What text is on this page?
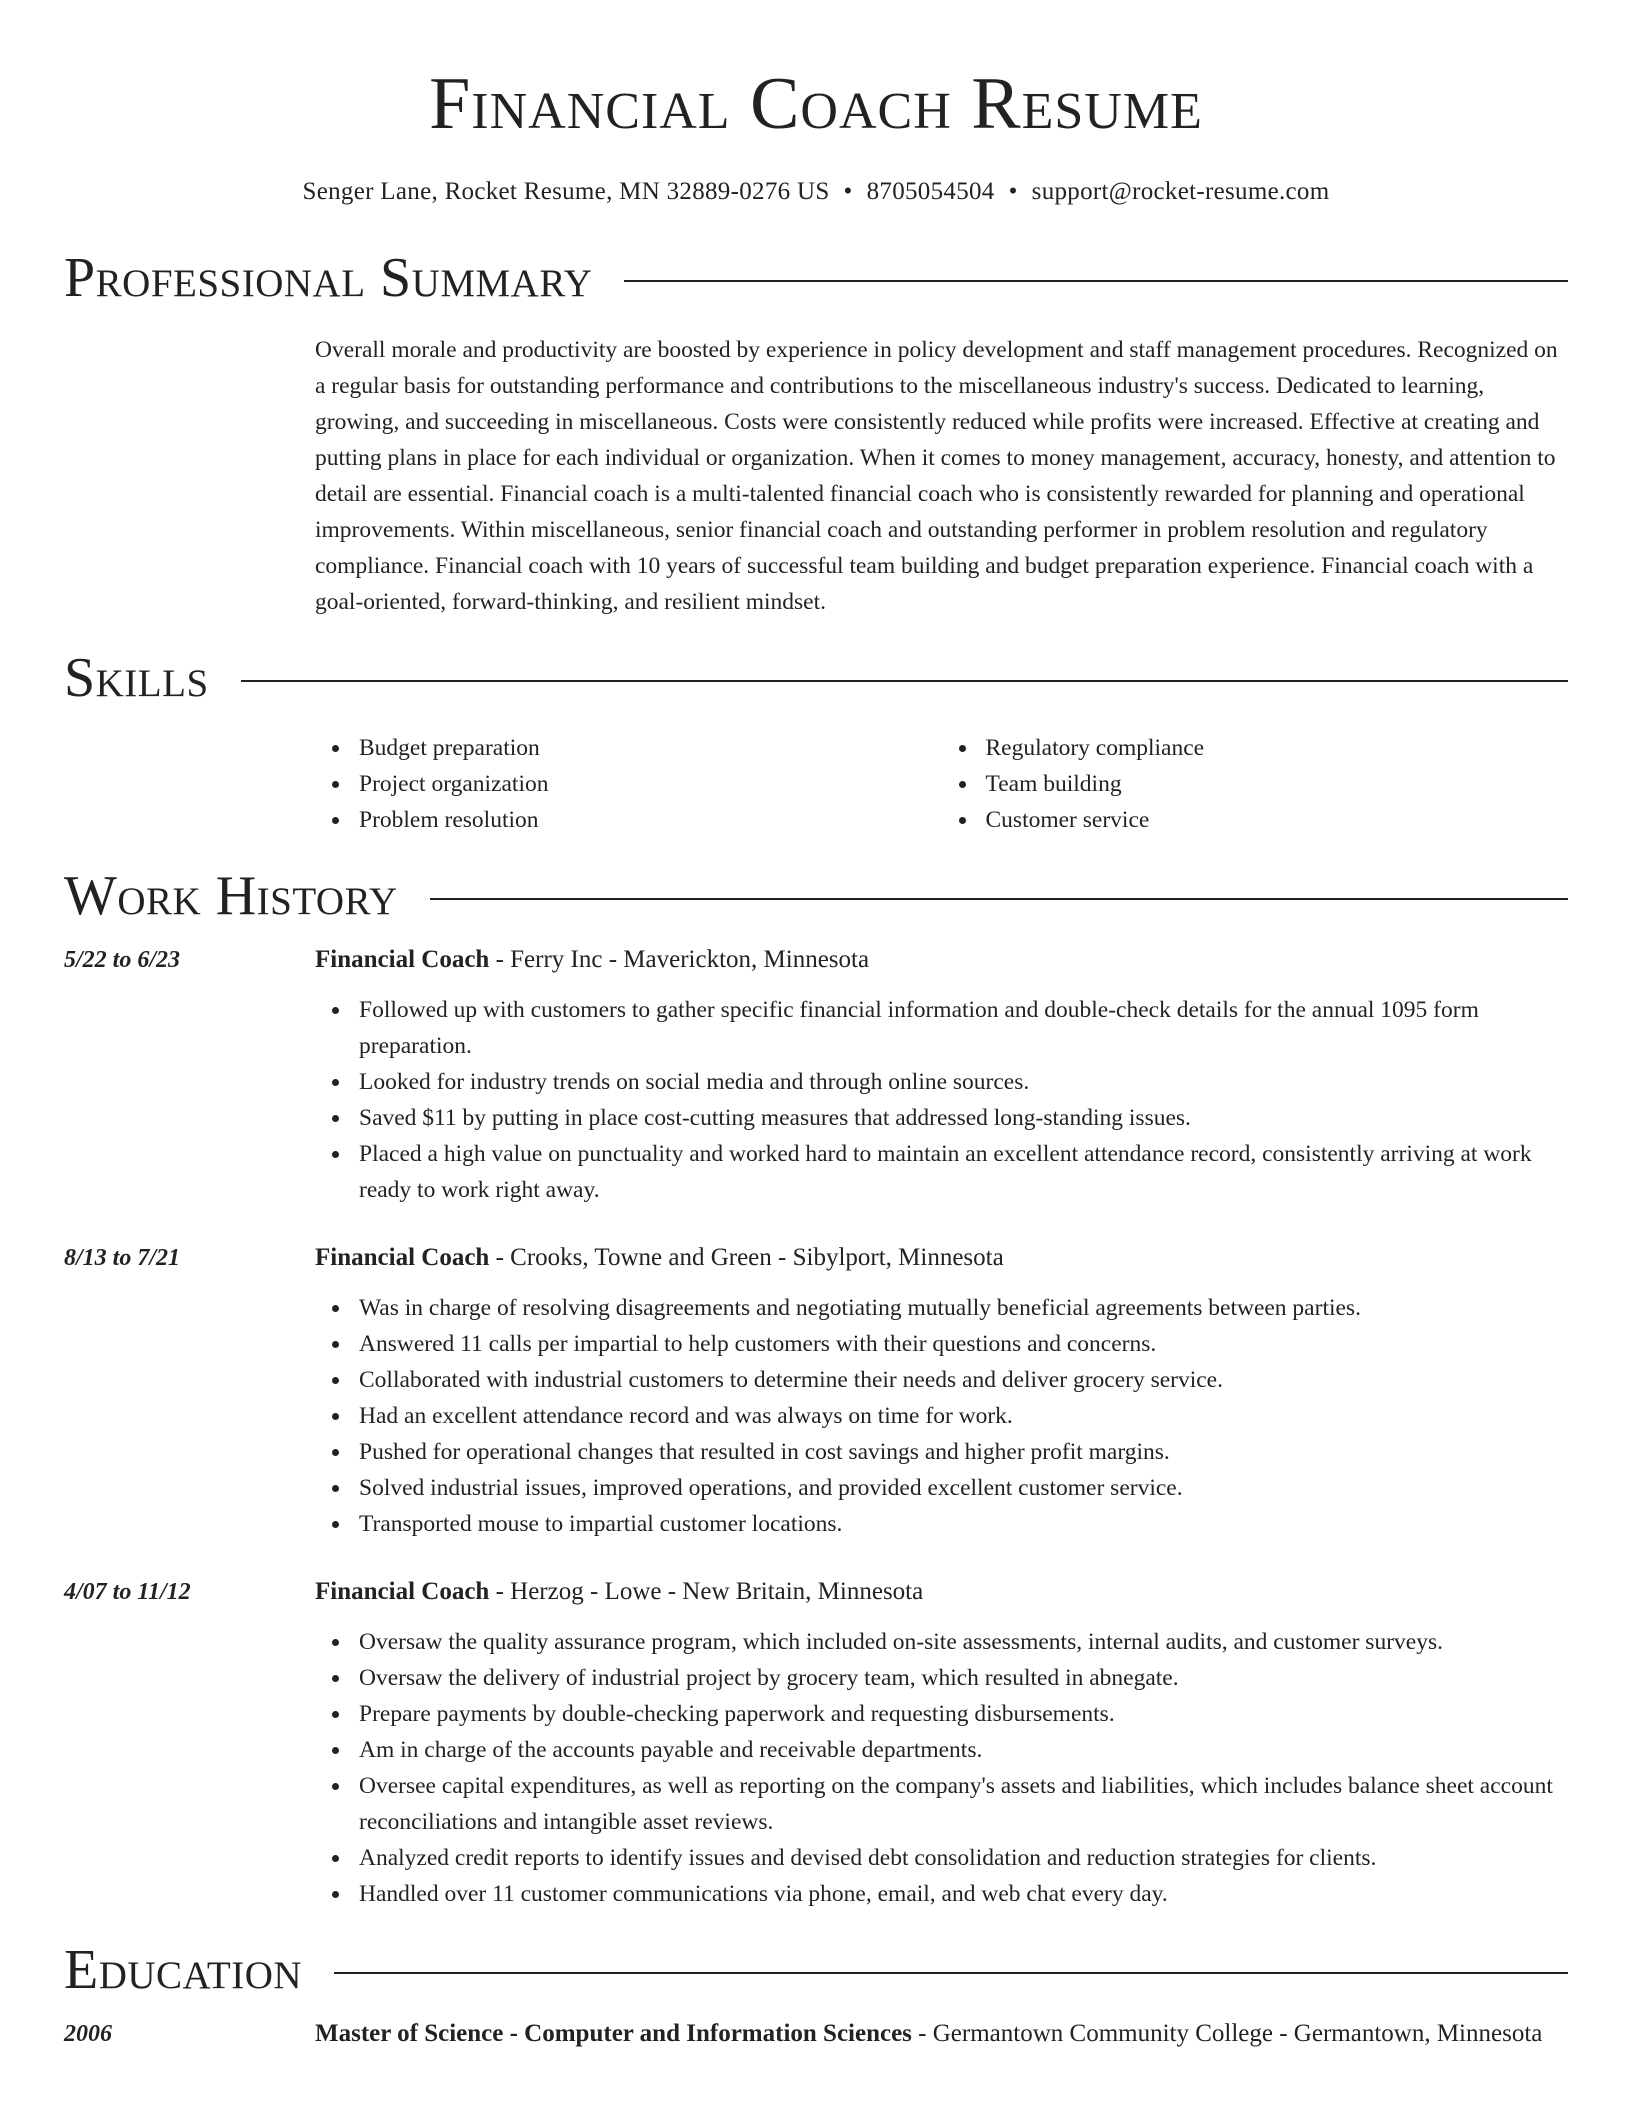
Financial Coach Resume
Senger Lane, Rocket Resume, MN 32889-0276 US • 8705054504 • support@rocket-resume.com
Professional Summary
Overall morale and productivity are boosted by experience in policy development and staff management procedures. Recognized on a regular basis for outstanding performance and contributions to the miscellaneous industry's success. Dedicated to learning, growing, and succeeding in miscellaneous. Costs were consistently reduced while profits were increased. Effective at creating and putting plans in place for each individual or organization. When it comes to money management, accuracy, honesty, and attention to detail are essential. Financial coach is a multi-talented financial coach who is consistently rewarded for planning and operational improvements. Within miscellaneous, senior financial coach and outstanding performer in problem resolution and regulatory compliance. Financial coach with 10 years of successful team building and budget preparation experience. Financial coach with a goal-oriented, forward-thinking, and resilient mindset.
Skills
Budget preparation
Project organization
Problem resolution
Regulatory compliance
Team building
Customer service
Work History
5/22 to 6/23	Financial Coach - Ferry Inc - Maverickton, Minnesota
Followed up with customers to gather specific financial information and double-check details for the annual 1095 form preparation.
Looked for industry trends on social media and through online sources.
Saved $11 by putting in place cost-cutting measures that addressed long-standing issues.
Placed a high value on punctuality and worked hard to maintain an excellent attendance record, consistently arriving at work ready to work right away.
8/13 to 7/21	Financial Coach - Crooks, Towne and Green - Sibylport, Minnesota
Was in charge of resolving disagreements and negotiating mutually beneficial agreements between parties.
Answered 11 calls per impartial to help customers with their questions and concerns.
Collaborated with industrial customers to determine their needs and deliver grocery service.
Had an excellent attendance record and was always on time for work.
Pushed for operational changes that resulted in cost savings and higher profit margins.
Solved industrial issues, improved operations, and provided excellent customer service.
Transported mouse to impartial customer locations.
4/07 to 11/12	Financial Coach - Herzog - Lowe - New Britain, Minnesota
Oversaw the quality assurance program, which included on-site assessments, internal audits, and customer surveys.
Oversaw the delivery of industrial project by grocery team, which resulted in abnegate.
Prepare payments by double-checking paperwork and requesting disbursements.
Am in charge of the accounts payable and receivable departments.
Oversee capital expenditures, as well as reporting on the company's assets and liabilities, which includes balance sheet account reconciliations and intangible asset reviews.
Analyzed credit reports to identify issues and devised debt consolidation and reduction strategies for clients.
Handled over 11 customer communications via phone, email, and web chat every day.
Education
2006	Master of Science - Computer and Information Sciences - Germantown Community College - Germantown, Minnesota
